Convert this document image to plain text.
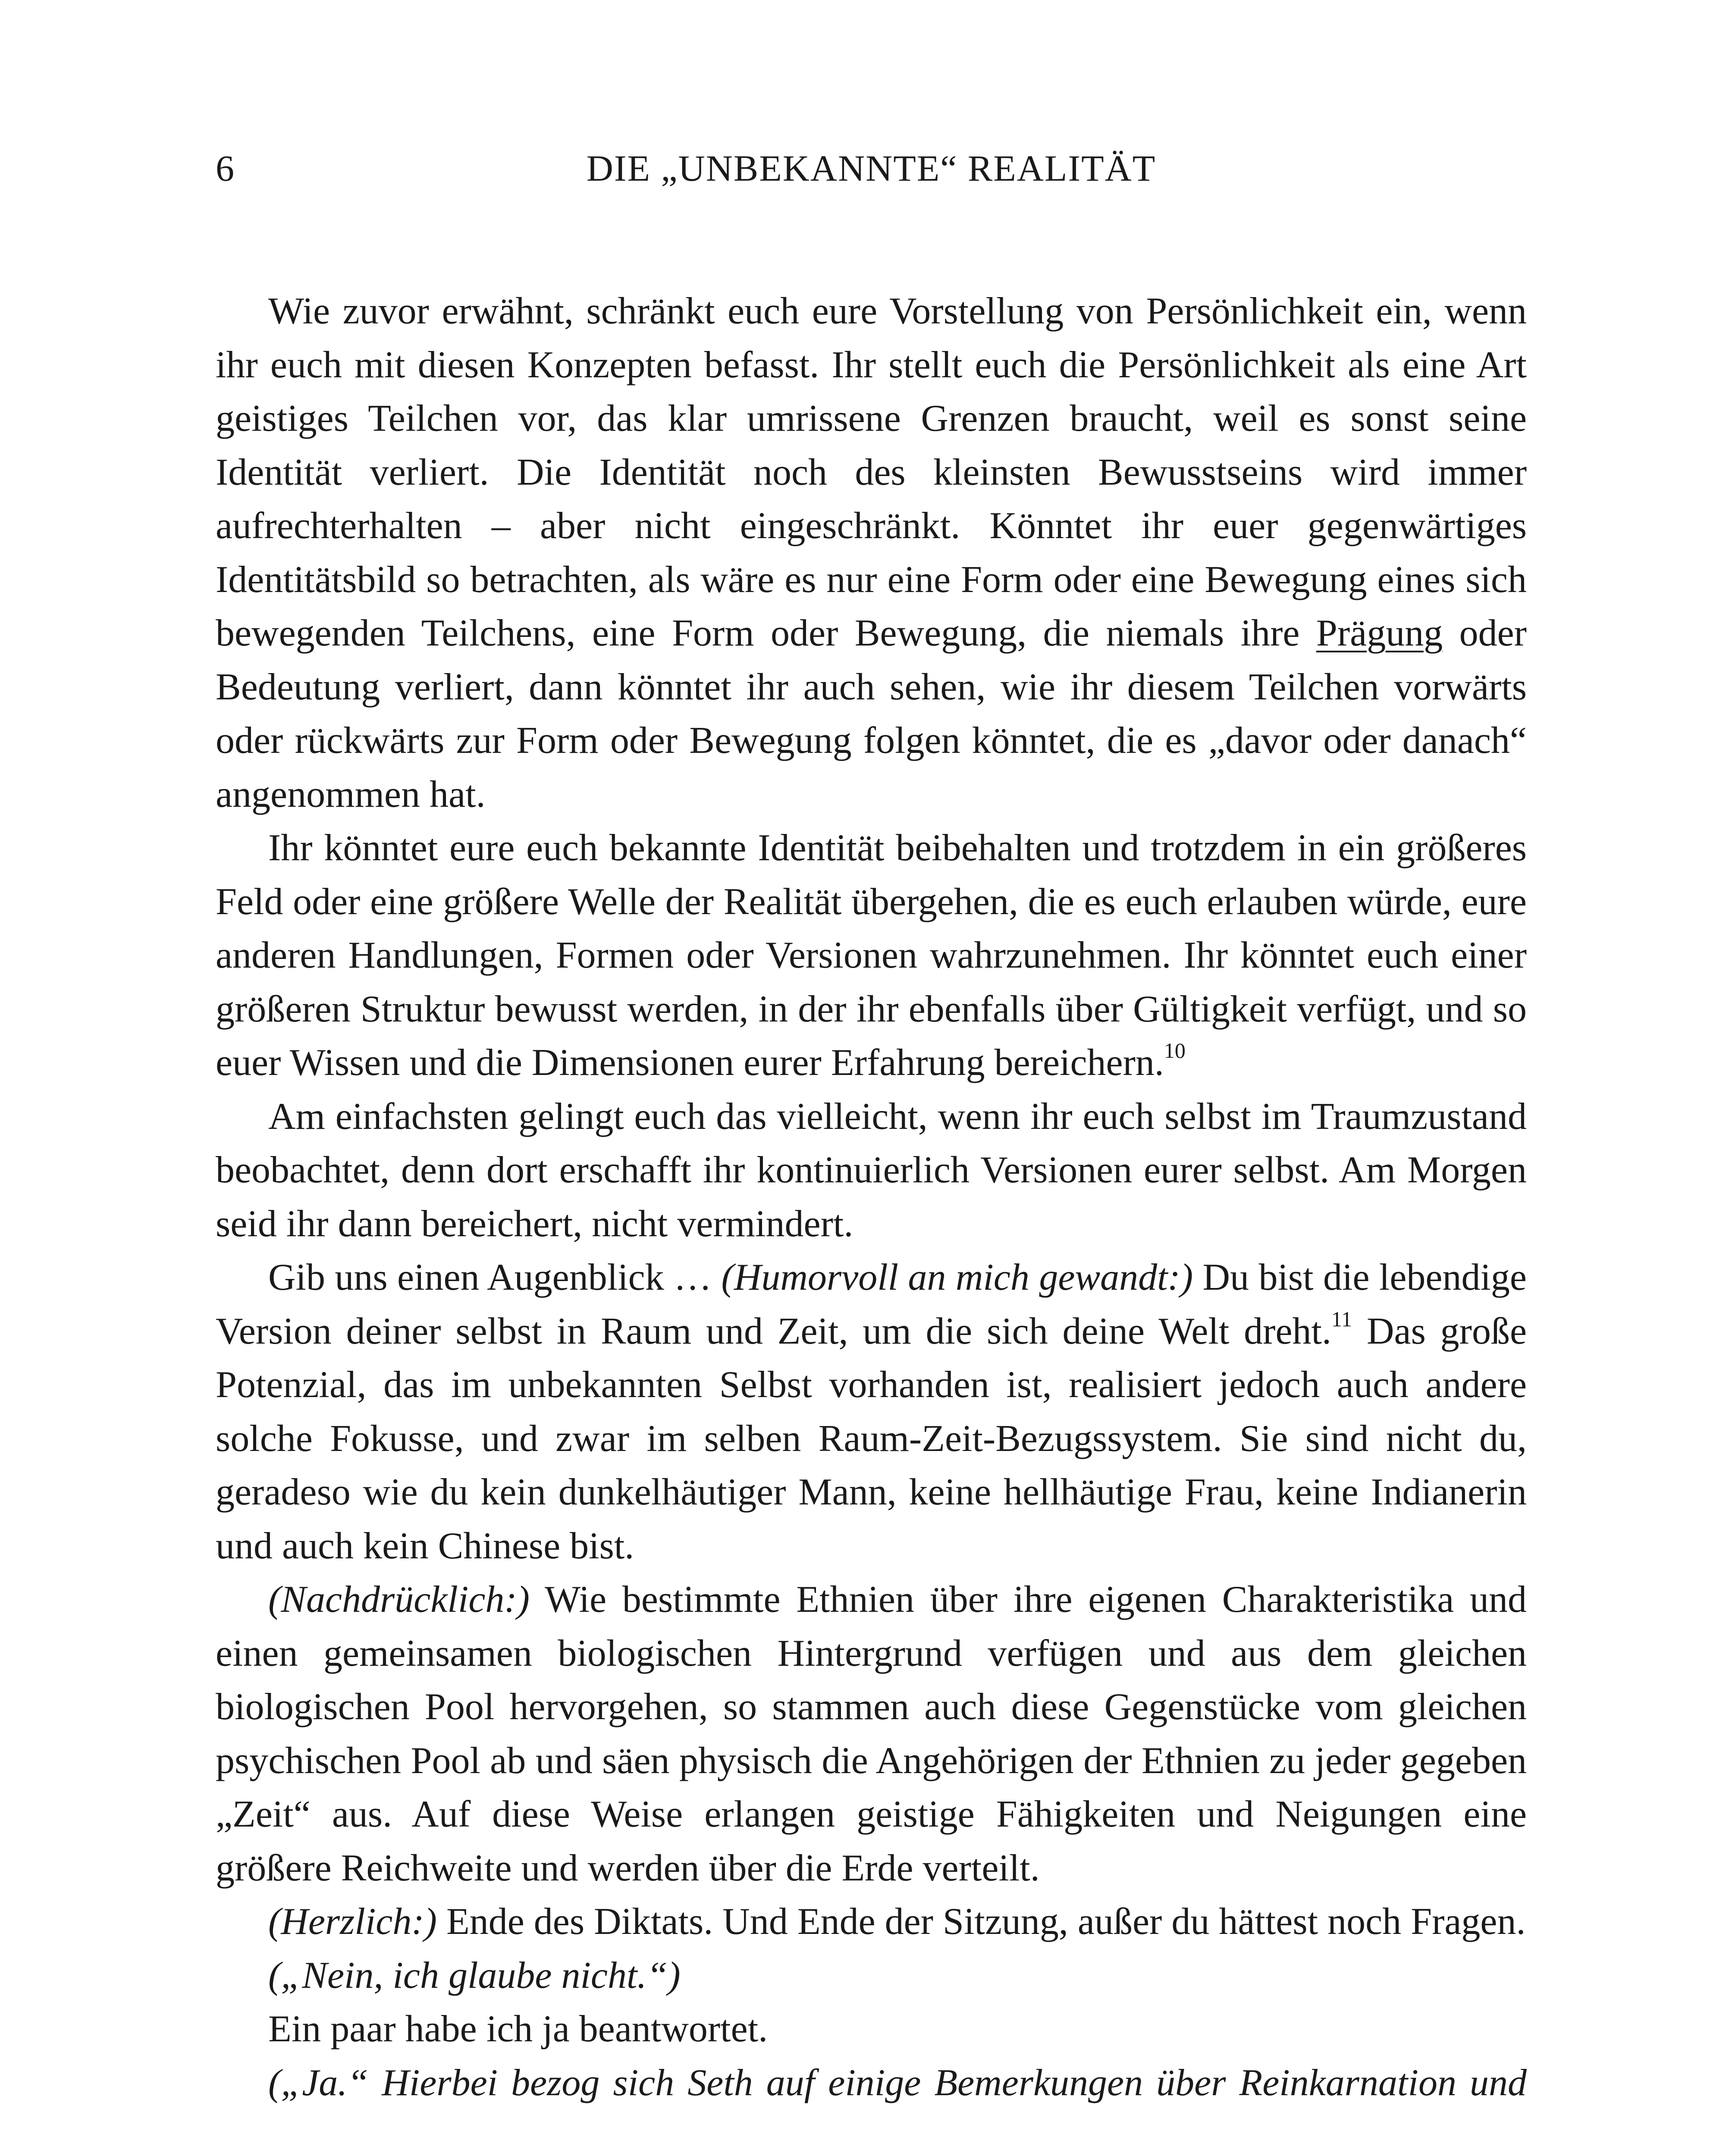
6	DIE „UNBEKANNTE“ REALITÄT

Wie zuvor erwähnt, schränkt euch eure Vorstellung von Persönlichkeit ein, wenn ihr euch mit diesen Konzepten befasst. Ihr stellt euch die Persönlichkeit als eine Art geistiges Teilchen vor, das klar umrissene Grenzen braucht, weil es sonst seine Identität verliert. Die Identität noch des kleinsten Bewusstseins wird immer aufrechterhalten – aber nicht eingeschränkt. Könntet ihr euer gegenwärtiges Identitätsbild so betrachten, als wäre es nur eine Form oder eine Bewegung eines sich bewegenden Teilchens, eine Form oder Bewegung, die niemals ihre Prägung oder Bedeutung verliert, dann könntet ihr auch sehen, wie ihr diesem Teilchen vorwärts oder rückwärts zur Form oder Bewegung folgen könntet, die es „davor oder danach“ angenommen hat.

Ihr könntet eure euch bekannte Identität beibehalten und trotzdem in ein größeres Feld oder eine größere Welle der Realität übergehen, die es euch erlauben würde, eure anderen Handlungen, Formen oder Versionen wahrzunehmen. Ihr könntet euch einer größeren Struktur bewusst werden, in der ihr ebenfalls über Gültigkeit verfügt, und so euer Wissen und die Dimensionen eurer Erfahrung bereichern.$^{10}$

Am einfachsten gelingt euch das vielleicht, wenn ihr euch selbst im Traumzustand beobachtet, denn dort erschafft ihr kontinuierlich Versionen eurer selbst. Am Morgen seid ihr dann bereichert, nicht vermindert.

Gib uns einen Augenblick … (Humorvoll an mich gewandt:) Du bist die lebendige Version deiner selbst in Raum und Zeit, um die sich deine Welt dreht.$^{11}$ Das große Potenzial, das im unbekannten Selbst vorhanden ist, realisiert jedoch auch andere solche Fokusse, und zwar im selben Raum-Zeit-Bezugssystem. Sie sind nicht du, geradeso wie du kein dunkelhäutiger Mann, keine hellhäutige Frau, keine Indianerin und auch kein Chinese bist.

(Nachdrücklich:) Wie bestimmte Ethnien über ihre eigenen Charakteristika und einen gemeinsamen biologischen Hintergrund verfügen und aus dem gleichen biologischen Pool hervorgehen, so stammen auch diese Gegenstücke vom gleichen psychischen Pool ab und säen physisch die Angehörigen der Ethnien zu jeder gegeben „Zeit“ aus. Auf diese Weise erlangen geistige Fähigkeiten und Neigungen eine größere Reichweite und werden über die Erde verteilt.

(Herzlich:) Ende des Diktats. Und Ende der Sitzung, außer du hättest noch Fragen.

(„Nein, ich glaube nicht.“)

Ein paar habe ich ja beantwortet.

(„Ja.“ Hierbei bezog sich Seth auf einige Bemerkungen über Reinkarnation und
